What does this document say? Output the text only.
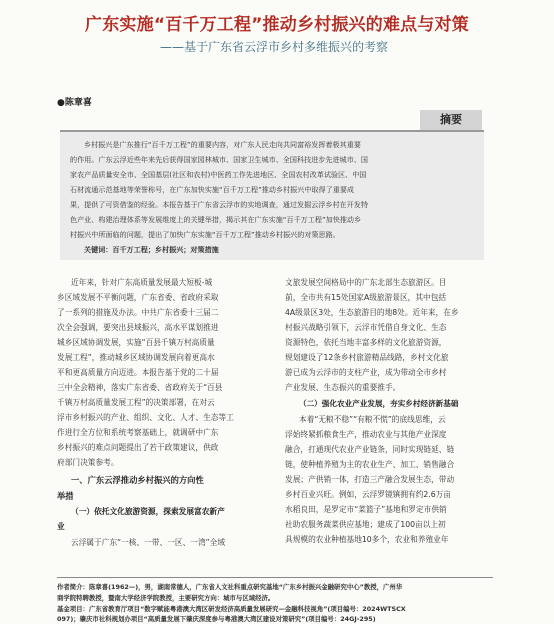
广东实施“百千万工程”推动乡村振兴的难点与对策
——基于广东省云浮市乡村多维振兴的考察
●陈章喜
摘要
乡村振兴是广东推行“百千万工程”的重要内容，对广东人民走向共同富裕发挥着极其重要
的作用。广东云浮近些年来先后获得国家园林城市、国家卫生城市、全国科技进步先进城市、国
家农产品质量安全市、全国基层(社区和农村)中医药工作先进地区、全国农村改革试验区、中国
石材流通示范基地等荣誉称号，在广东加快实施“百千万工程”推动乡村振兴中取得了重要成
果，提供了可资借鉴的经验。本报告基于广东省云浮市的实地调查，通过发掘云浮乡村在开发特
色产业、构建治理体系等发展维度上的关键举措，揭示其在广东实施“百千万工程”加快推动乡
村振兴中所面临的问题，提出了加快广东实施“百千万工程”推动乡村振兴的对策思路。
关键词：百千万工程；乡村振兴；对策措施
近年来，针对广东高质量发展最大短板-城
乡区域发展不平衡问题，广东省委、省政府采取
了一系列的措施及办法。中共广东省委十三届二
次全会强调，要突出县域振兴，高水平谋划推进
城乡区域协调发展，实施“百县千镇万村高质量
发展工程”，推动城乡区域协调发展向着更高水
平和更高质量方向迈进。本报告基于党的二十届
三中全会精神，落实广东省委、省政府关于“百县
千镇万村高质量发展工程”的决策部署，在对云
浮市乡村振兴的产业、组织、文化、人才、生态等工
作进行全方位和系统考察基础上，就调研中广东
乡村振兴的难点问题提出了若干政策建议，供政
府部门决策参考。
一、广东云浮推动乡村振兴的方向性
举措
（一）依托文化旅游资源，探索发展富农新产
业
云浮属于广东“一核、一带、一区、一湾”全域
文旅发展空间格局中的广东北部生态旅游区。目
前，全市共有15处国家A级旅游景区，其中包括
4A级景区3处，生态旅游目的地8处。近年来，在乡
村振兴战略引领下，云浮市凭借自身文化、生态
资源特色，依托当地丰富多样的文化旅游资源，
规划建设了12条乡村旅游精品线路，乡村文化旅
游已成为云浮市的支柱产业，成为带动全市乡村
产业发展、生态振兴的重要推手。
（二）强化农业产业发展，夯实乡村经济新基础
本着“无粮不稳”“有粮不慌”的底线思维，云
浮始终紧抓粮食生产，推动农业与其他产业深度
融合，打通现代农业产业链条，同时实现链延、链
链，使种植养殖为主的农业生产、加工、销售融合
发展；产供销一体，打造三产融合发展生态，带动
乡村百业兴旺。例如，云浮罗镜镇拥有约2.6万亩
水稻良田，是罗定市“菜篮子”基地和罗定市供销
社助农服务蔬菜供应基地；建成了100亩以上初
具规模的农业种植基地10多个，农业和养殖业年
作者简介：陈章喜(1962—)，男，湖南常德人，广东省人文社科重点研究基地“广东乡村振兴金融研究中心”教授，广州华
商学院特聘教授，暨南大学经济学院教授，主要研究方向：城市与区域经济。
基金项目：广东省教育厅项目“数字赋能粤港澳大湾区研发经济高质量发展研究—金融科技视角”(项目编号：2024WTSCX
097)；肇庆市社科规划办项目“高质量发展下肇庆深度参与粤港澳大湾区建设对策研究”(项目编号：24GJ-295)
